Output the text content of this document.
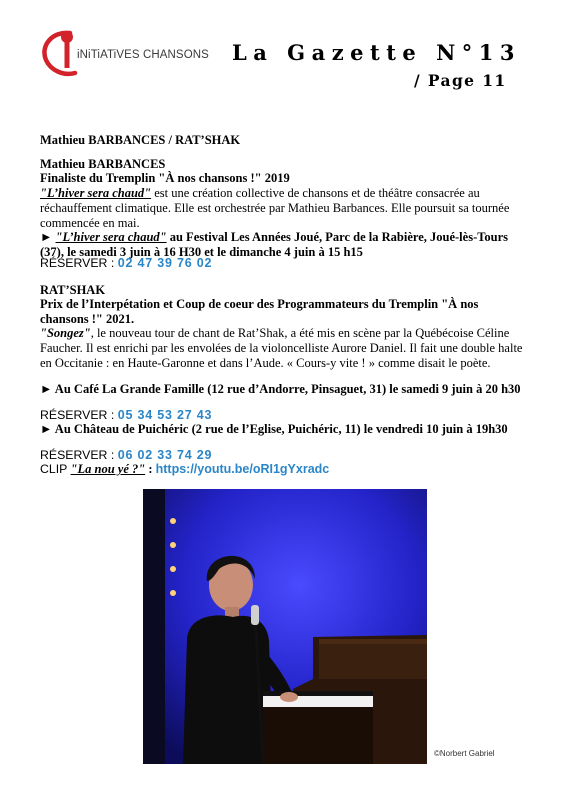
iNiTiATiVES CHANSONS La Gazette N°13
/ Page 11
Mathieu BARBANCES / RAT’SHAK
Mathieu BARBANCES
Finaliste du Tremplin "À nos chansons !" 2019
"L’hiver sera chaud" est une création collective de chansons et de théâtre consacrée au réchauffement climatique. Elle est orchestrée par Mathieu Barbances. Elle poursuit sa tournée commencée en mai.
► "L’hiver sera chaud" au Festival Les Années Joué, Parc de la Rabière, Joué-lès-Tours (37), le samedi 3 juin à 16 H30 et le dimanche 4 juin à 15 h15
RÉSERVER : 02 47 39 76 02
RAT’SHAK
Prix de l’Interpétation et Coup de coeur des Programmateurs du Tremplin "À nos chansons !" 2021.
"Songez", le nouveau tour de chant de Rat’Shak, a été mis en scène par la Québécoise Céline Faucher. Il est enrichi par les envolées de la violoncelliste Aurore Daniel. Il fait une double halte en Occitanie : en Haute-Garonne et dans l’Aude. « Cours-y vite ! » comme disait le poète.
► Au Café La Grande Famille (12 rue d’Andorre, Pinsaguet, 31) le samedi 9 juin à 20 h30
RÉSERVER : 05 34 53 27 43
► Au Château de Puichéric (2 rue de l’Eglise, Puichéric, 11) le vendredi 10 juin à 19h30
RÉSERVER : 06 02 33 74 29
CLIP "La nou yé ?" : https://youtu.be/oRI1gYxradc
©Norbert Gabriel
